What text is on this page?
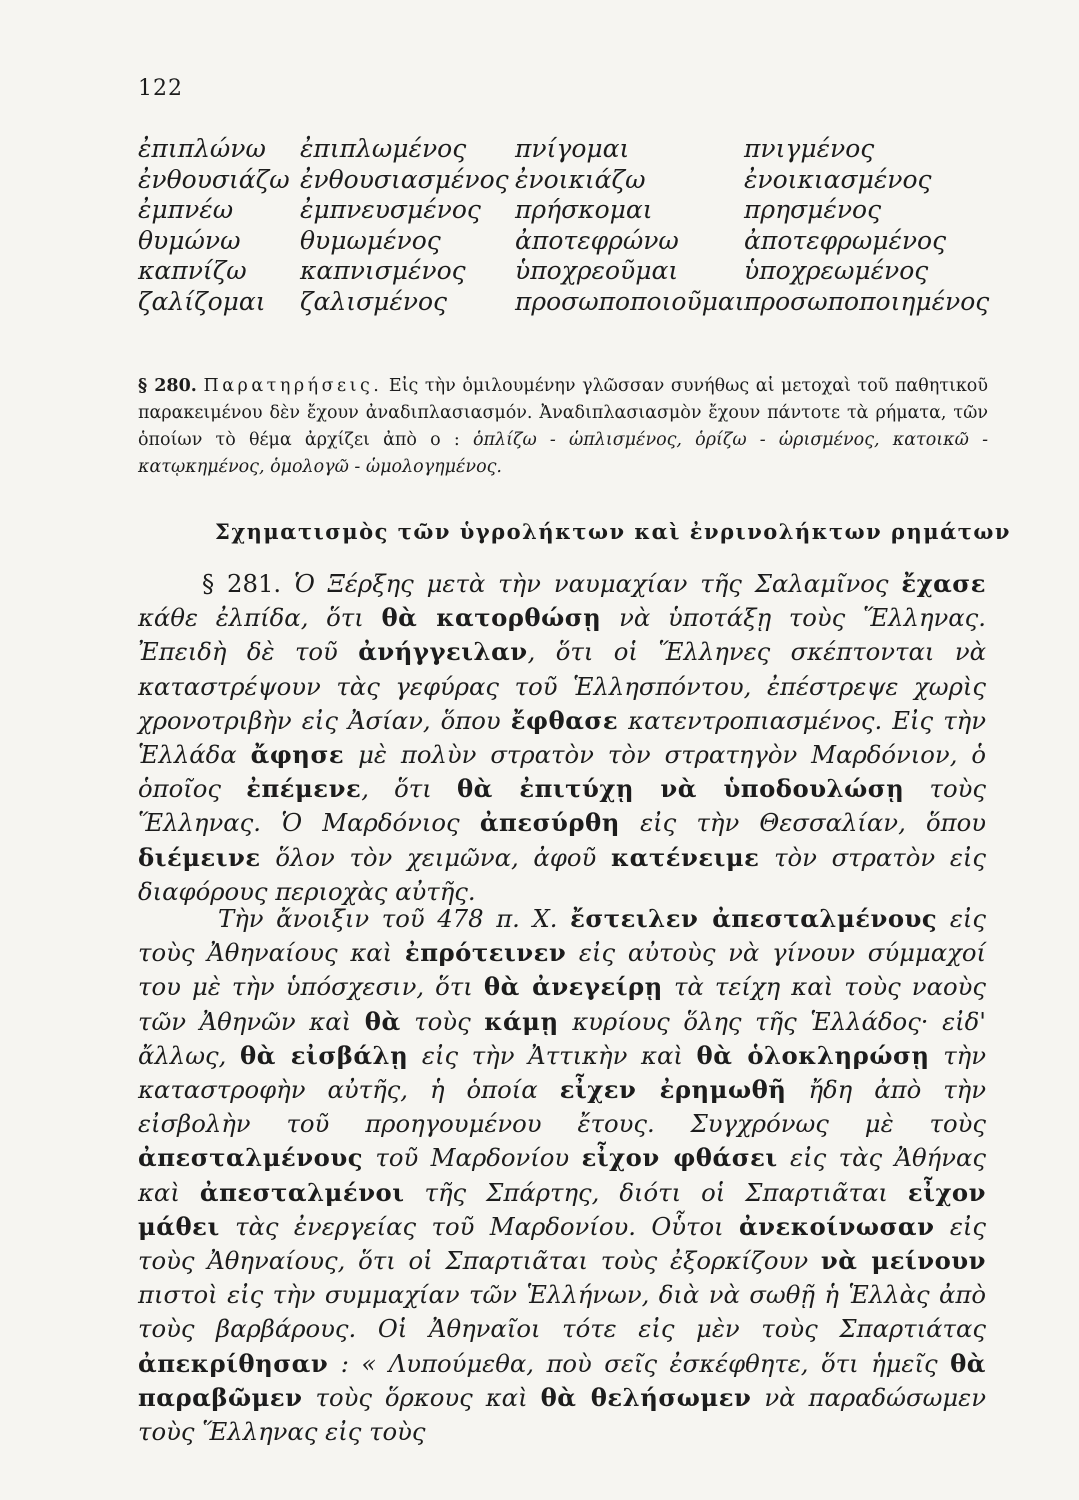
122
ἐπιπλώνω ἐπιπλωμένος πνίγομαι	πνιγμένος
ἐνθουσιάζω ἐνθουσιασμένος ἐνοικιάζω	ἐνοικιασμένος
ἐμπνέω	ἐμπνευσμένος πρήσκομαι	πρησμένος
θυμώνω θυμωμένος	ἀποτεφρώνω	ἀποτεφρωμένος
καπνίζω καπνισμένος ὑποχρεοῦμαι	ὑποχρεωμένος
ζαλίζομαι ζαλισμένος	προσωποποιοῦμαι προσωποποιημένος
§ 280. Παρατηρήσεις. Εἰς τὴν ὁμιλουμένην γλῶσσαν συνήθως αἱ μετοχαὶ τοῦ παθητικοῦ παρακειμένου δὲν ἔχουν ἀναδιπλασιασμόν. Ἀναδιπλασιασμὸν ἔχουν πάντοτε τὰ ρήματα, τῶν ὁποίων τὸ θέμα ἀρχίζει ἀπὸ ο : ὁπλίζω - ὡπλισμένος, ὁρίζω - ὡρισμένος, κατοικῶ - κατῳκημένος, ὁμολογῶ - ὡμολογημένος.
Σχηματισμὸς τῶν ὑγρολήκτων καὶ ἐνρινολήκτων ρημάτων
§ 281. Ὁ Ξέρξης μετὰ τὴν ναυμαχίαν τῆς Σαλαμῖνος ἔχασε κάθε ἐλπίδα, ὅτι θὰ κατορθώσῃ νὰ ὑποτάξῃ τοὺς Ἕλληνας. Ἐπειδὴ δὲ τοῦ ἀνήγγειλαν, ὅτι οἱ Ἕλληνες σκέπτονται νὰ καταστρέψουν τὰς γεφύρας τοῦ Ἑλλησπόντου, ἐπέστρεψε χωρὶς χρονοτριβὴν εἰς Ἀσίαν, ὅπου ἔφθασε κατεντροπιασμένος. Εἰς τὴν Ἑλλάδα ἄφησε μὲ πολὺν στρατὸν τὸν στρατηγὸν Μαρδόνιον, ὁ ὁποῖος ἐπέμενε, ὅτι θὰ ἐπιτύχῃ νὰ ὑποδουλώσῃ τοὺς Ἕλληνας. Ὁ Μαρδόνιος ἀπεσύρθη εἰς τὴν Θεσσαλίαν, ὅπου διέμεινε ὅλον τὸν χειμῶνα, ἀφοῦ κατένειμε τὸν στρατὸν εἰς διαφόρους περιοχὰς αὐτῆς.
Τὴν ἄνοιξιν τοῦ 478 π. Χ. ἔστειλεν ἀπεσταλμένους εἰς τοὺς Ἀθηναίους καὶ ἐπρότεινεν εἰς αὐτοὺς νὰ γίνουν σύμμαχοί του μὲ τὴν ὑπόσχεσιν, ὅτι θὰ ἀνεγείρῃ τὰ τείχη καὶ τοὺς ναοὺς τῶν Ἀθηνῶν καὶ θὰ τοὺς κάμῃ κυρίους ὅλης τῆς Ἑλλάδος· εἰδ' ἄλλως, θὰ εἰσβάλῃ εἰς τὴν Ἀττικὴν καὶ θὰ ὁλοκληρώσῃ τὴν καταστροφὴν αὐτῆς, ἡ ὁποία εἶχεν ἐρημωθῆ ἤδη ἀπὸ τὴν εἰσβολὴν τοῦ προηγουμένου ἔτους. Συγχρόνως μὲ τοὺς ἀπεσταλμένους τοῦ Μαρδονίου εἶχον φθάσει εἰς τὰς Ἀθήνας καὶ ἀπεσταλμένοι τῆς Σπάρτης, διότι οἱ Σπαρτιᾶται εἶχον μάθει τὰς ἐνεργείας τοῦ Μαρδονίου. Οὗτοι ἀνεκοίνωσαν εἰς τοὺς Ἀθηναίους, ὅτι οἱ Σπαρτιᾶται τοὺς ἐξορκίζουν νὰ μείνουν πιστοὶ εἰς τὴν συμμαχίαν τῶν Ἑλλήνων, διὰ νὰ σωθῇ ἡ Ἑλλὰς ἀπὸ τοὺς βαρβάρους. Οἱ Ἀθηναῖοι τότε εἰς μὲν τοὺς Σπαρτιάτας ἀπεκρίθησαν : « Λυπούμεθα, ποὺ σεῖς ἐσκέφθητε, ὅτι ἡμεῖς θὰ παραβῶμεν τοὺς ὅρκους καὶ θὰ θελήσωμεν νὰ παραδώσωμεν τοὺς Ἕλληνας εἰς τοὺς
